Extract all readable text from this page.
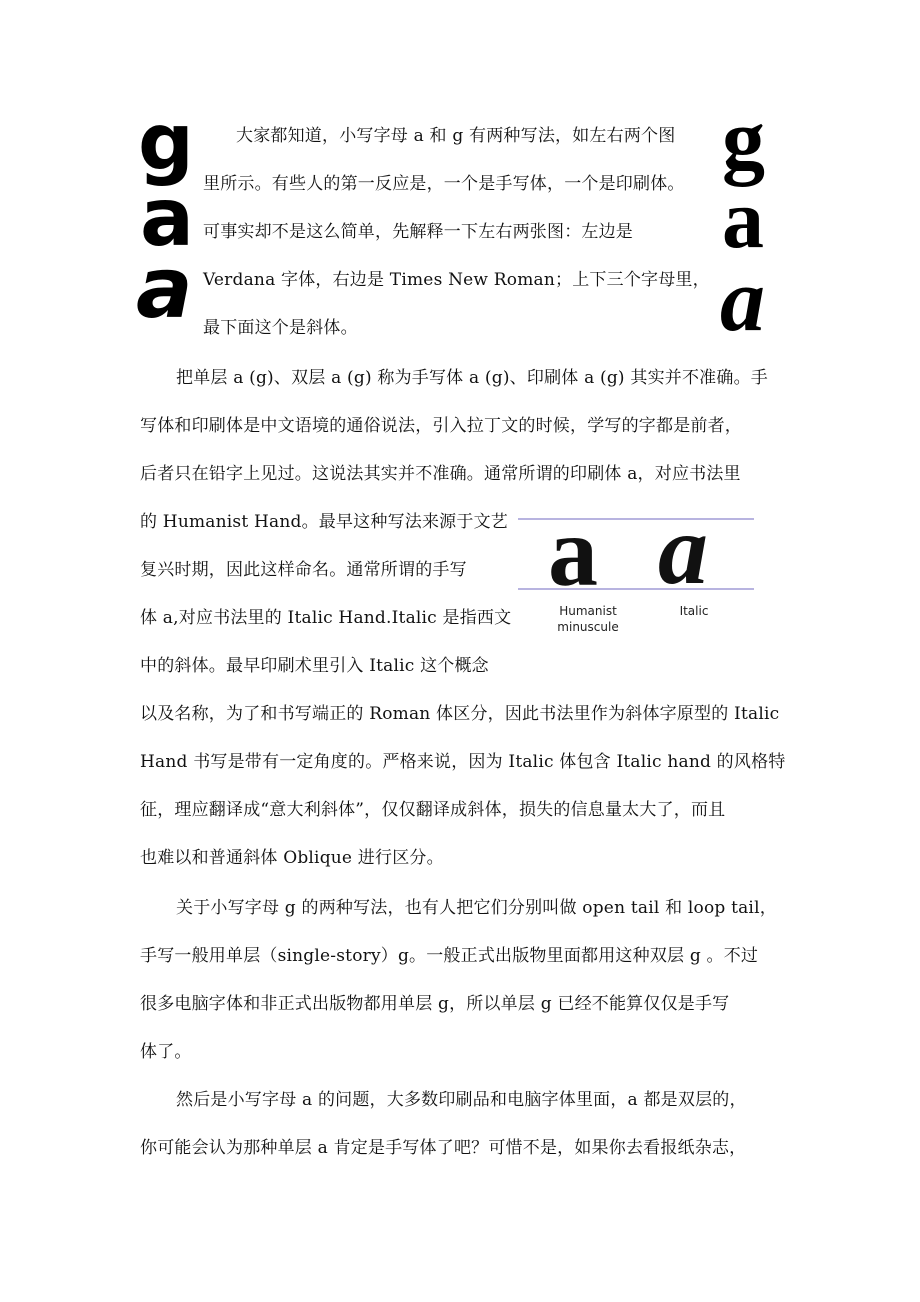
g
a
a
g
a
a
大家都知道，小写字母 a 和 g 有两种写法，如左右两个图
里所示。有些人的第一反应是，一个是手写体，一个是印刷体。
可事实却不是这么简单，先解释一下左右两张图：左边是
Verdana 字体，右边是 Times New Roman；上下三个字母里，
最下面这个是斜体。
把单层 a (g)、双层 a (g) 称为手写体 a (g)、印刷体 a (g) 其实并不准确。手
写体和印刷体是中文语境的通俗说法，引入拉丁文的时候，学写的字都是前者，
后者只在铅字上见过。这说法其实并不准确。通常所谓的印刷体 a，对应书法里
的 Humanist Hand。最早这种写法来源于文艺
复兴时期，因此这样命名。通常所谓的手写
体 a,对应书法里的 Italic Hand.Italic 是指西文
中的斜体。最早印刷术里引入 Italic 这个概念
a a
Humanist
minuscule
Italic
以及名称，为了和书写端正的 Roman 体区分，因此书法里作为斜体字原型的 Italic
Hand 书写是带有一定角度的。严格来说，因为 Italic 体包含 Italic hand 的风格特
征，理应翻译成“意大利斜体”，仅仅翻译成斜体，损失的信息量太大了，而且
也难以和普通斜体 Oblique 进行区分。
关于小写字母 g 的两种写法，也有人把它们分别叫做 open tail 和 loop tail，
手写一般用单层（single-story）g。一般正式出版物里面都用这种双层 g 。不过
很多电脑字体和非正式出版物都用单层 g，所以单层 g 已经不能算仅仅是手写
体了。
然后是小写字母 a 的问题，大多数印刷品和电脑字体里面，a 都是双层的，
你可能会认为那种单层 a 肯定是手写体了吧？可惜不是，如果你去看报纸杂志，
